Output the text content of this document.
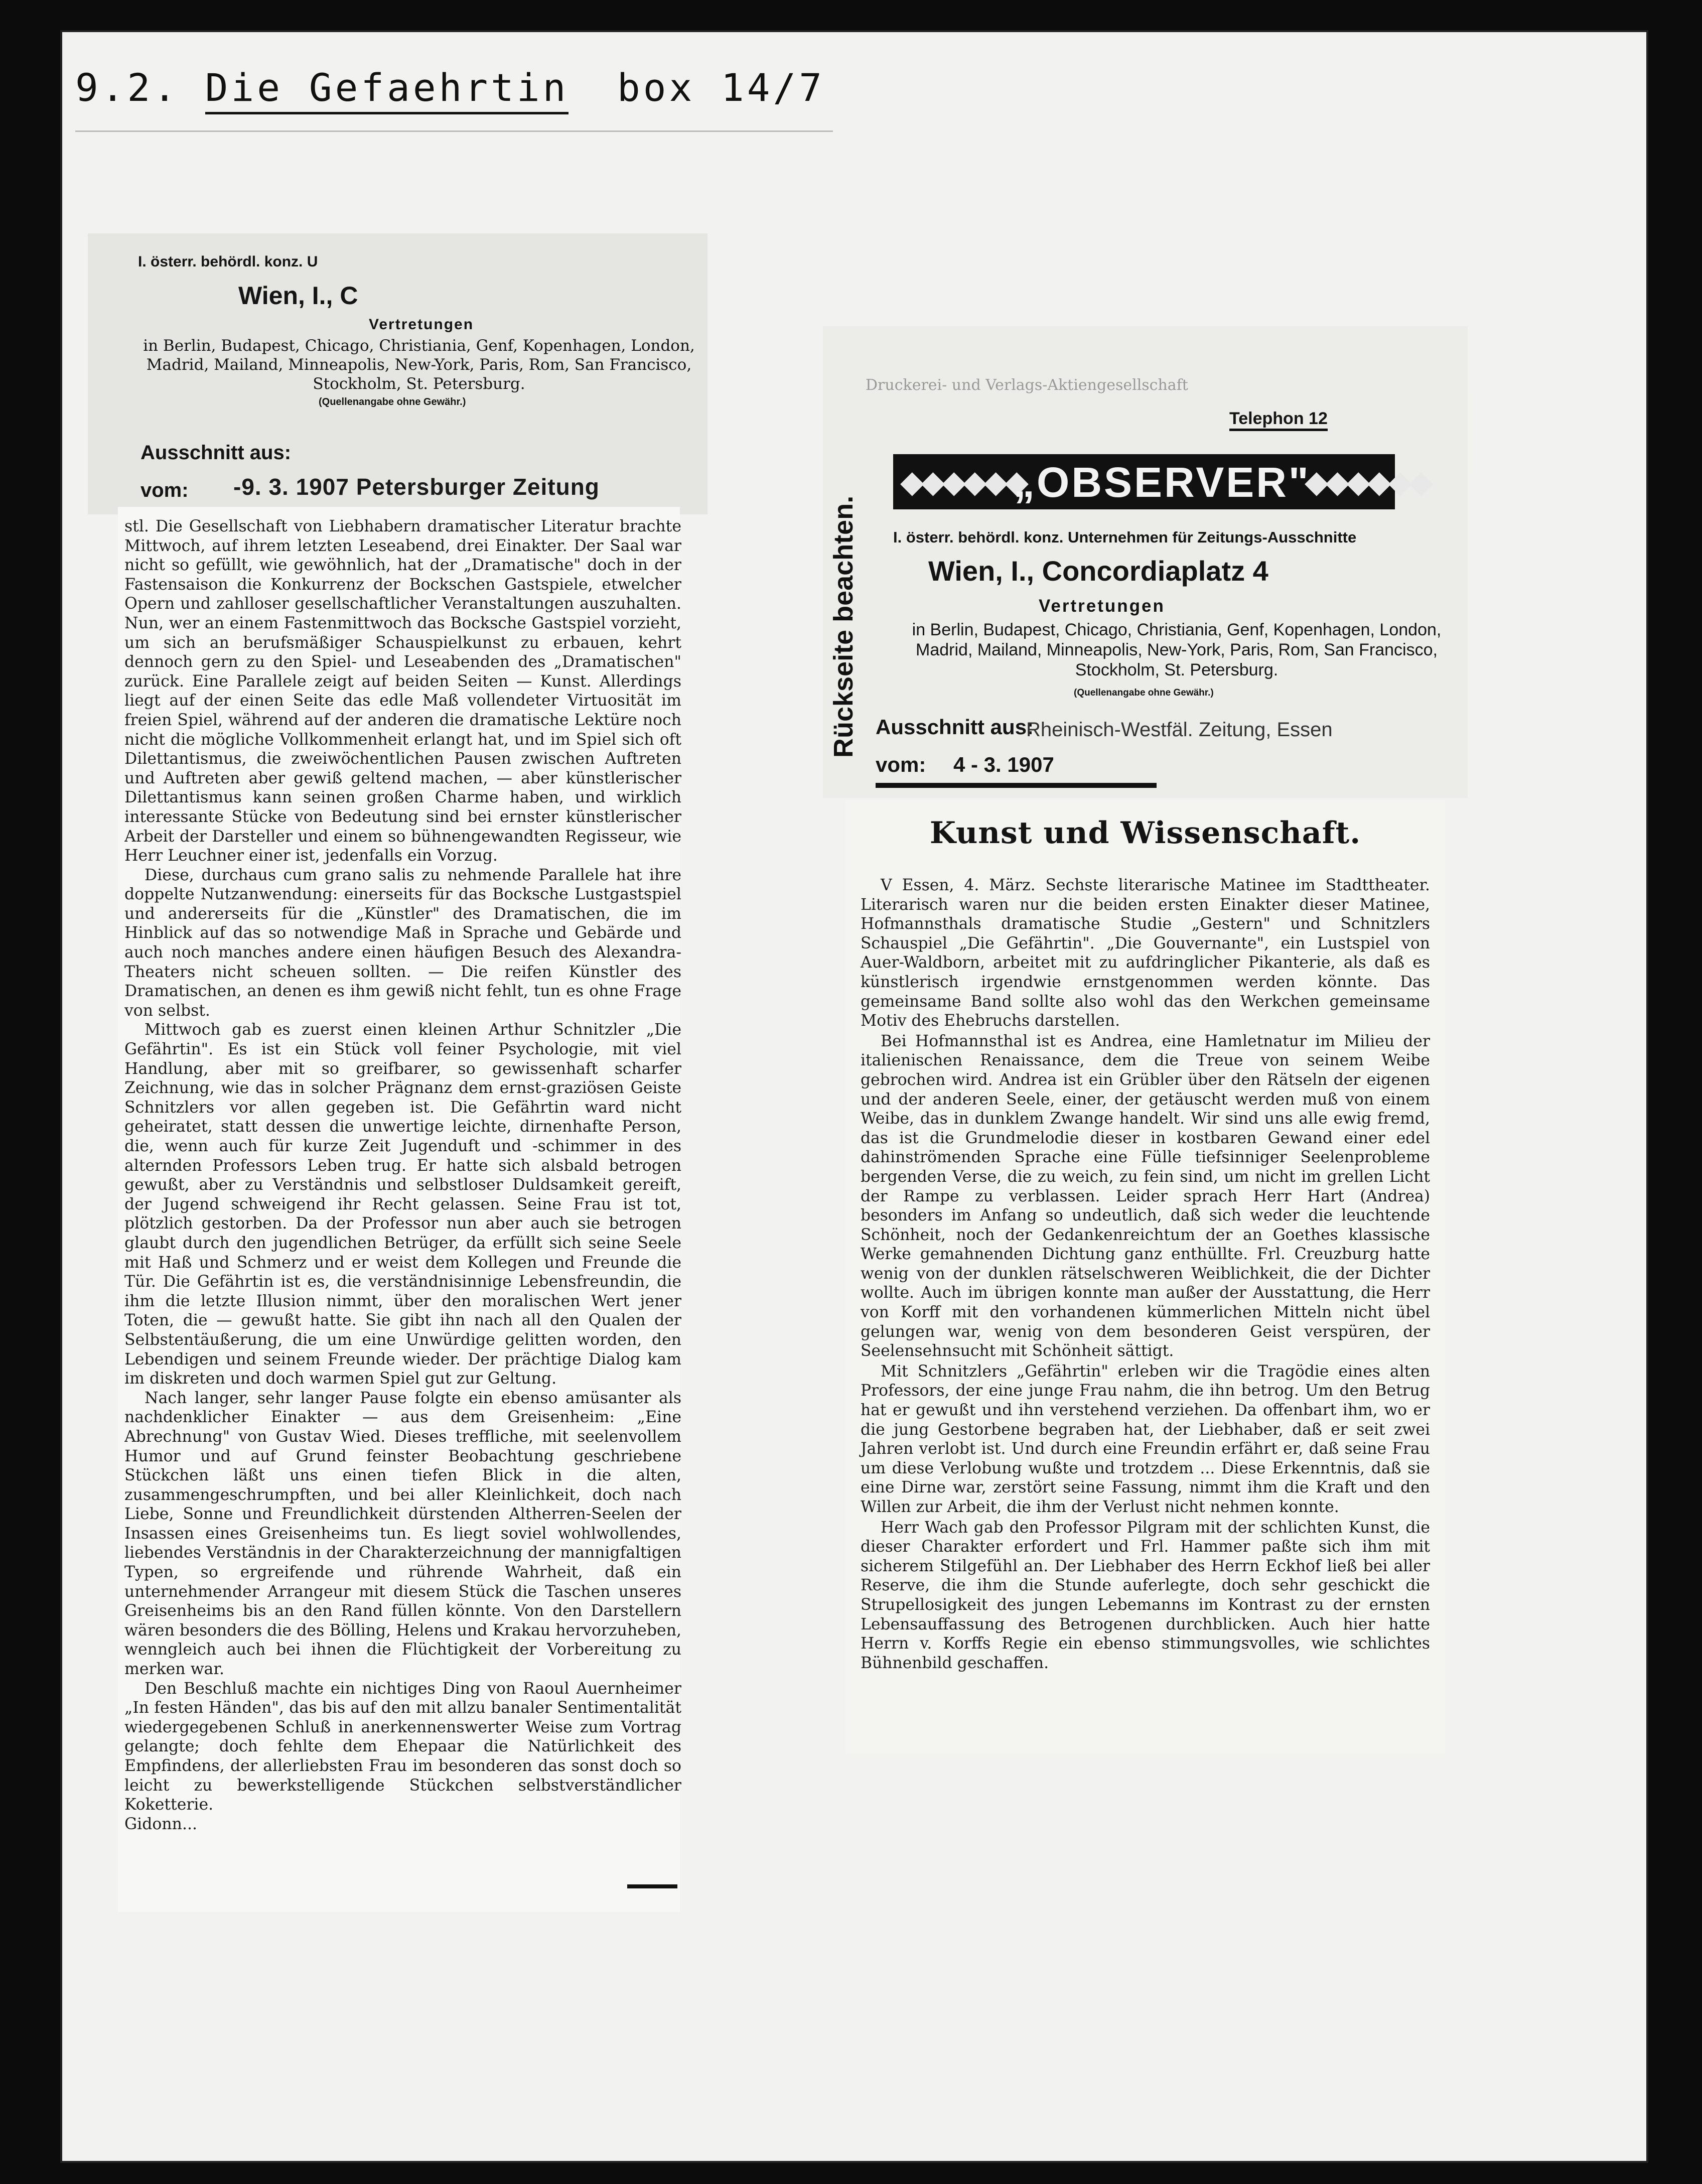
9.2. Die Gefaehrtin box 14/7
I. österr. behördl. konz. U
Wien, I., C
Vertretungen
in Berlin, Budapest, Chicago, Christiania, Genf, Kopenhagen, London, Madrid, Mailand, Minneapolis, New-York, Paris, Rom, San Francisco, Stockholm, St. Petersburg.
(Quellenangabe ohne Gewähr.)
Ausschnitt aus:
vom: -9. 3. 1907 Petersburger Zeitung

stl. Die Gesellschaft von Liebhabern dramatischer Literatur brachte Mittwoch, auf ihrem letzten Leseabend, drei Einakter. Der Saal war nicht so gefüllt, wie gewöhnlich, hat der „Dramatische" doch in der Fastensaison die Konkurrenz der Bockschen Gastspiele, etwelcher Opern und zahlloser gesellschaftlicher Veranstaltungen auszuhalten. Nun, wer an einem Fastenmittwoch das Bocksche Gastspiel vorzieht, um sich an berufsmäßiger Schauspielkunst zu erbauen, kehrt dennoch gern zu den Spiel- und Leseabenden des „Dramatischen" zurück. Eine Parallele zeigt auf beiden Seiten — Kunst. Allerdings liegt auf der einen Seite das edle Maß vollendeter Virtuosität im freien Spiel, während auf der anderen die dramatische Lektüre noch nicht die mögliche Vollkommenheit erlangt hat, und im Spiel sich oft Dilettantismus, die zweiwöchentlichen Pausen zwischen Auftreten und Auftreten aber gewiß geltend machen, — aber künstlerischer Dilettantismus kann seinen großen Charme haben, und wirklich interessante Stücke von Bedeutung sind bei ernster künstlerischer Arbeit der Darsteller und einem so bühnengewandten Regisseur, wie Herr Leuchner einer ist, jedenfalls ein Vorzug.

Diese, durchaus cum grano salis zu nehmende Parallele hat ihre doppelte Nutzanwendung: einerseits für das Bocksche Lustgastspiel und andererseits für die „Künstler" des Dramatischen, die im Hinblick auf das so notwendige Maß in Sprache und Gebärde und auch noch manches andere einen häufigen Besuch des Alexandra-Theaters nicht scheuen sollten. — Die reifen Künstler des Dramatischen, an denen es ihm gewiß nicht fehlt, tun es ohne Frage von selbst.

Mittwoch gab es zuerst einen kleinen Arthur Schnitzler „Die Gefährtin". Es ist ein Stück voll feiner Psychologie, mit viel Handlung, aber mit so greifbarer, so gewissenhaft scharfer Zeichnung, wie das in solcher Prägnanz dem ernst-graziösen Geiste Schnitzlers vor allen gegeben ist. Die Gefährtin ward nicht geheiratet, statt dessen die unwertige leichte, dirnenhafte Person, die, wenn auch für kurze Zeit Jugenduft und -schimmer in des alternden Professors Leben trug. Er hatte sich alsbald betrogen gewußt, aber zu Verständnis und selbstloser Duldsamkeit gereift, der Jugend schweigend ihr Recht gelassen. Seine Frau ist tot, plötzlich gestorben. Da der Professor nun aber auch sie betrogen glaubt durch den jugendlichen Betrüger, da erfüllt sich seine Seele mit Haß und Schmerz und er weist dem Kollegen und Freunde die Tür. Die Gefährtin ist es, die verständnisinnige Lebensfreundin, die ihm die letzte Illusion nimmt, über den moralischen Wert jener Toten, die — gewußt hatte. Sie gibt ihn nach all den Qualen der Selbstentäußerung, die um eine Unwürdige gelitten worden, den Lebendigen und seinem Freunde wieder. Der prächtige Dialog kam im diskreten und doch warmen Spiel gut zur Geltung.

Nach langer, sehr langer Pause folgte ein ebenso amüsanter als nachdenklicher Einakter — aus dem Greisenheim: „Eine Abrechnung" von Gustav Wied. Dieses treffliche, mit seelenvollem Humor und auf Grund feinster Beobachtung geschriebene Stückchen läßt uns einen tiefen Blick in die alten, zusammengeschrumpften, und bei aller Kleinlichkeit, doch nach Liebe, Sonne und Freundlichkeit dürstenden Altherren-Seelen der Insassen eines Greisenheims tun. Es liegt soviel wohlwollendes, liebendes Verständnis in der Charakterzeichnung der mannigfaltigen Typen, so ergreifende und rührende Wahrheit, daß ein unternehmender Arrangeur mit diesem Stück die Taschen unseres Greisenheims bis an den Rand füllen könnte. Von den Darstellern wären besonders die des Bölling, Helens und Krakau hervorzuheben, wenngleich auch bei ihnen die Flüchtigkeit der Vorbereitung zu merken war.

Den Beschluß machte ein nichtiges Ding von Raoul Auernheimer „In festen Händen", das bis auf den mit allzu banaler Sentimentalität wiedergegebenen Schluß in anerkennenswerter Weise zum Vortrag gelangte; doch fehlte dem Ehepaar die Natürlichkeit des Empfindens, der allerliebsten Frau im besonderen das sonst doch so leicht zu bewerkstelligende Stückchen selbstverständlicher Koketterie.

Gidonn...

Druckerei- und Verlags-Aktiengesellschaft
Telephon 12
Rückseite beachten.
◆◆◆◆◆◆
„OBSERVER"
◆◆◆◆◆◆
I. österr. behördl. konz. Unternehmen für Zeitungs-Ausschnitte
Wien, I., Concordiaplatz 4
Vertretungen
in Berlin, Budapest, Chicago, Christiania, Genf, Kopenhagen, London, Madrid, Mailand, Minneapolis, New-York, Paris, Rom, San Francisco, Stockholm, St. Petersburg.
(Quellenangabe ohne Gewähr.)
Ausschnitt aus:
Rheinisch-Westfäl. Zeitung, Essen
vom: 4 - 3. 1907
Kunst und Wissenschaft.

V Essen, 4. März. Sechste literarische Matinee im Stadttheater. Literarisch waren nur die beiden ersten Einakter dieser Matinee, Hofmannsthals dramatische Studie „Gestern" und Schnitzlers Schauspiel „Die Gefährtin". „Die Gouvernante", ein Lustspiel von Auer-Waldborn, arbeitet mit zu aufdringlicher Pikanterie, als daß es künstlerisch irgendwie ernstgenommen werden könnte. Das gemeinsame Band sollte also wohl das den Werkchen gemeinsame Motiv des Ehebruchs darstellen.

Bei Hofmannsthal ist es Andrea, eine Hamletnatur im Milieu der italienischen Renaissance, dem die Treue von seinem Weibe gebrochen wird. Andrea ist ein Grübler über den Rätseln der eigenen und der anderen Seele, einer, der getäuscht werden muß von einem Weibe, das in dunklem Zwange handelt. Wir sind uns alle ewig fremd, das ist die Grundmelodie dieser in kostbaren Gewand einer edel dahinströmenden Sprache eine Fülle tiefsinniger Seelenprobleme bergenden Verse, die zu weich, zu fein sind, um nicht im grellen Licht der Rampe zu verblassen. Leider sprach Herr Hart (Andrea) besonders im Anfang so undeutlich, daß sich weder die leuchtende Schönheit, noch der Gedankenreichtum der an Goethes klassische Werke gemahnenden Dichtung ganz enthüllte. Frl. Creuzburg hatte wenig von der dunklen rätselschweren Weiblichkeit, die der Dichter wollte. Auch im übrigen konnte man außer der Ausstattung, die Herr von Korff mit den vorhandenen kümmerlichen Mitteln nicht übel gelungen war, wenig von dem besonderen Geist verspüren, der Seelensehnsucht mit Schönheit sättigt.

Mit Schnitzlers „Gefährtin" erleben wir die Tragödie eines alten Professors, der eine junge Frau nahm, die ihn betrog. Um den Betrug hat er gewußt und ihn verstehend verziehen. Da offenbart ihm, wo er die jung Gestorbene begraben hat, der Liebhaber, daß er seit zwei Jahren verlobt ist. Und durch eine Freundin erfährt er, daß seine Frau um diese Verlobung wußte und trotzdem ... Diese Erkenntnis, daß sie eine Dirne war, zerstört seine Fassung, nimmt ihm die Kraft und den Willen zur Arbeit, die ihm der Verlust nicht nehmen konnte.

Herr Wach gab den Professor Pilgram mit der schlichten Kunst, die dieser Charakter erfordert und Frl. Hammer paßte sich ihm mit sicherem Stilgefühl an. Der Liebhaber des Herrn Eckhof ließ bei aller Reserve, die ihm die Stunde auferlegte, doch sehr geschickt die Strupellosigkeit des jungen Lebemanns im Kontrast zu der ernsten Lebensauffassung des Betrogenen durchblicken. Auch hier hatte Herrn v. Korffs Regie ein ebenso stimmungsvolles, wie schlichtes Bühnenbild geschaffen.
